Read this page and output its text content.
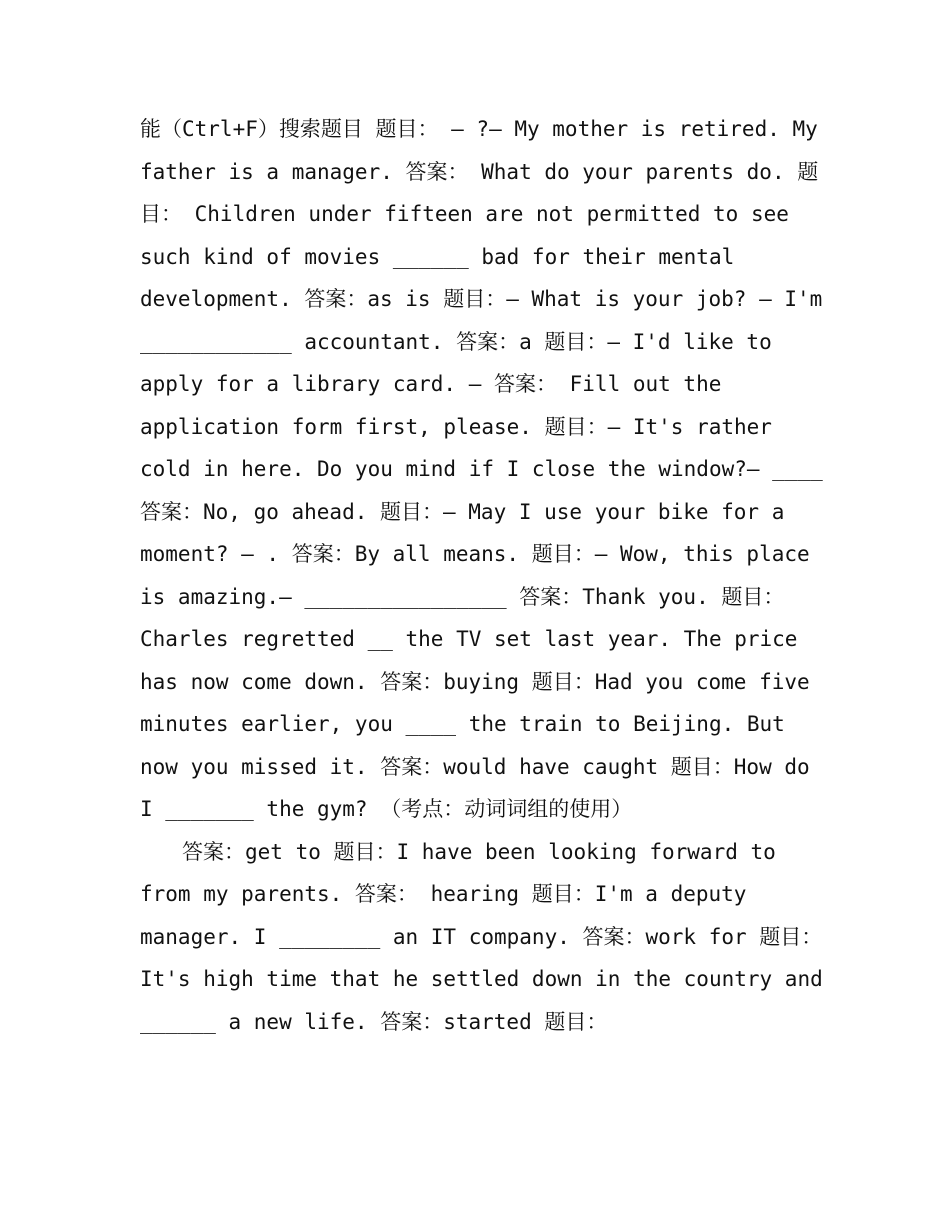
能（Ctrl+F）搜索题目 题目： — ?— My mother is retired. My father is a manager. 答案： What do your parents do. 题目： Children under fifteen are not permitted to see such kind of movies ______ bad for their mental development. 答案：as is 题目：— What is your job? — I'm ____________ accountant. 答案：a 题目：— I'd like to apply for a library card. — 答案： Fill out the application form first, please. 题目：— It's rather cold in here. Do you mind if I close the window?— ____ 答案：No, go ahead. 题目：— May I use your bike for a moment? — . 答案：By all means. 题目：— Wow, this place is amazing.— ________________ 答案：Thank you. 题目：Charles regretted __ the TV set last year. The price has now come down. 答案：buying 题目：Had you come five minutes earlier, you ____ the train to Beijing. But now you missed it. 答案：would have caught 题目：How do I _______ the gym? （考点：动词词组的使用）

答案：get to 题目：I have been looking forward to from my parents. 答案： hearing 题目：I'm a deputy manager. I ________ an IT company. 答案：work for 题目：It's high time that he settled down in the country and ______ a new life. 答案：started 题目：
